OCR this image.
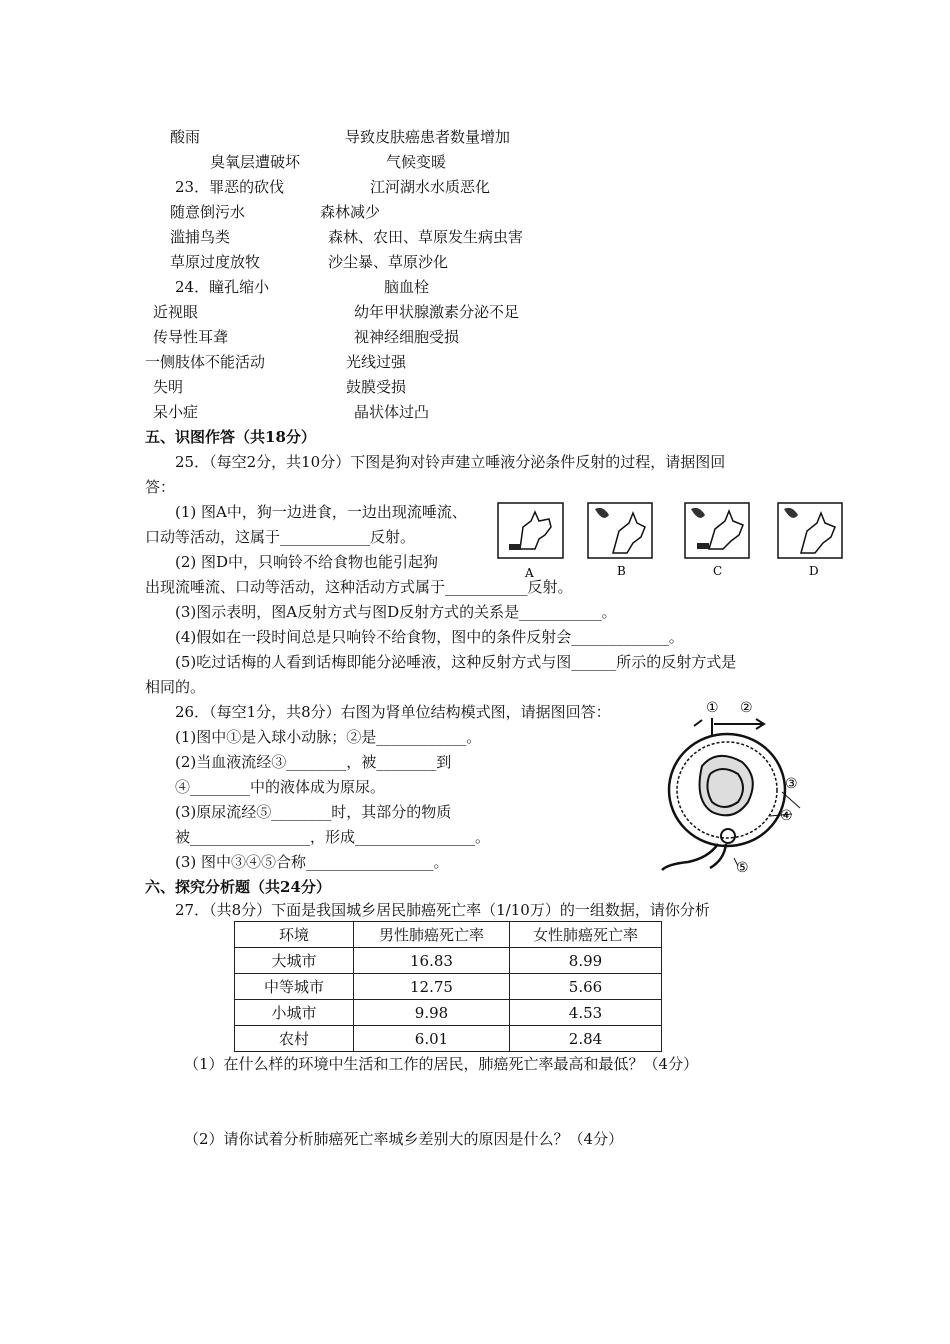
酸雨	导致皮肤癌患者数量增加
臭氧层遭破坏	气候变暖
23．罪恶的砍伐	江河湖水水质恶化
随意倒污水	森林减少
滥捕鸟类	森林、农田、草原发生病虫害
草原过度放牧	沙尘暴、草原沙化
24．瞳孔缩小	脑血栓
近视眼	幼年甲状腺激素分泌不足
传导性耳聋	视神经细胞受损
一侧肢体不能活动	光线过强
失明	鼓膜受损
呆小症	晶状体过凸
五、识图作答（共18分）
25．（每空2分，共10分）下图是狗对铃声建立唾液分泌条件反射的过程，请据图回
答：
(1) 图A中，狗一边进食，一边出现流唾流、
口动等活动，这属于____________反射。
(2) 图D中，只响铃不给食物也能引起狗
出现流唾流、口动等活动，这种活动方式属于___________反射。
(3)图示表明，图A反射方式与图D反射方式的关系是___________。
(4)假如在一段时间总是只响铃不给食物，图中的条件反射会_____________。
(5)吃过话梅的人看到话梅即能分泌唾液，这种反射方式与图______所示的反射方式是
相同的。
A	B	C	D
26．（每空1分，共8分）右图为肾单位结构模式图，请据图回答：
(1)图中①是入球小动脉；②是____________。
(2)当血液流经③________，被________到
④________中的液体成为原尿。
(3)原尿流经⑤________时，其部分的物质
被________________，形成________________。
(3) 图中③④⑤合称_________________。
① ②
③
④
⑤
六、探究分析题（共24分）
27．（共8分）下面是我国城乡居民肺癌死亡率（1/10万）的一组数据，请你分析
环境	男性肺癌死亡率	女性肺癌死亡率
大城市	16.83	8.99
中等城市	12.75	5.66
小城市	9.98	4.53
农村	6.01	2.84
（1）在什么样的环境中生活和工作的居民，肺癌死亡率最高和最低？（4分）
（2）请你试着分析肺癌死亡率城乡差别大的原因是什么？（4分）
